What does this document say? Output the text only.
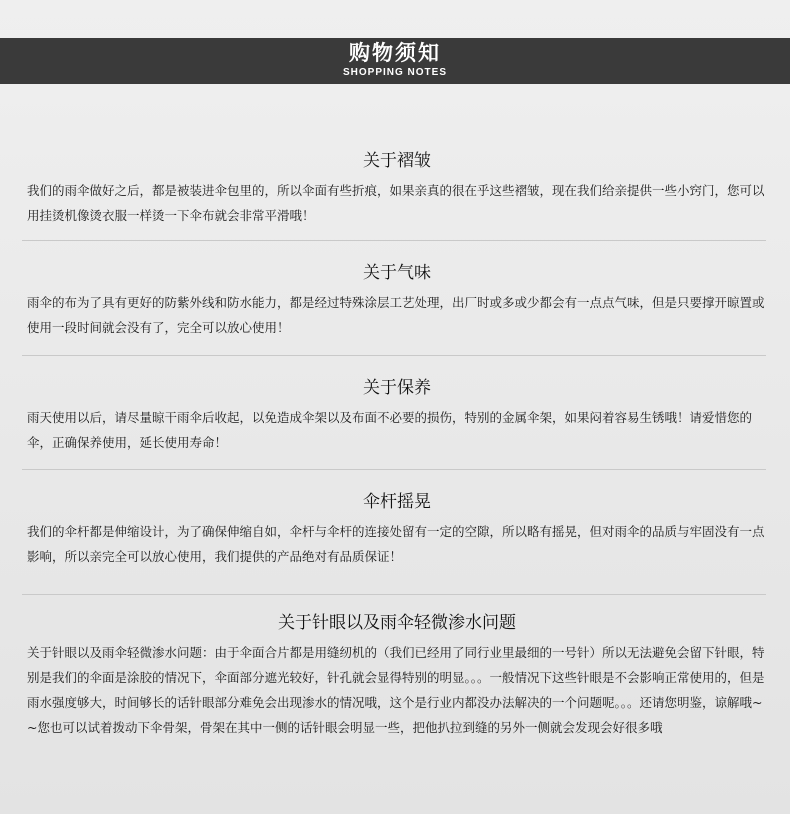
购物须知
SHOPPING NOTES
关于褶皱

我们的雨伞做好之后，都是被装进伞包里的，所以伞面有些折痕，如果亲真的很在乎这些褶皱，现在我们给亲提供一些小窍门，您可以用挂烫机像烫衣服一样烫一下伞布就会非常平滑哦！

关于气味

雨伞的布为了具有更好的防紫外线和防水能力，都是经过特殊涂层工艺处理，出厂时或多或少都会有一点点气味，但是只要撑开晾置或使用一段时间就会没有了，完全可以放心使用！

关于保养

雨天使用以后，请尽量晾干雨伞后收起，以免造成伞架以及布面不必要的损伤，特别的金属伞架，如果闷着容易生锈哦！请爱惜您的伞，正确保养使用，延长使用寿命！

伞杆摇晃

我们的伞杆都是伸缩设计，为了确保伸缩自如，伞杆与伞杆的连接处留有一定的空隙，所以略有摇晃，但对雨伞的品质与牢固没有一点影响，所以亲完全可以放心使用，我们提供的产品绝对有品质保证！

关于针眼以及雨伞轻微渗水问题

关于针眼以及雨伞轻微渗水问题：由于伞面合片都是用缝纫机的（我们已经用了同行业里最细的一号针）所以无法避免会留下针眼，特别是我们的伞面是涂胶的情况下，伞面部分遮光较好，针孔就会显得特别的明显。。。一般情况下这些针眼是不会影响正常使用的，但是雨水强度够大，时间够长的话针眼部分难免会出现渗水的情况哦，这个是行业内都没办法解决的一个问题呢。。。还请您明鉴，谅解哦~~您也可以试着拨动下伞骨架，骨架在其中一侧的话针眼会明显一些，把他扒拉到缝的另外一侧就会发现会好很多哦
